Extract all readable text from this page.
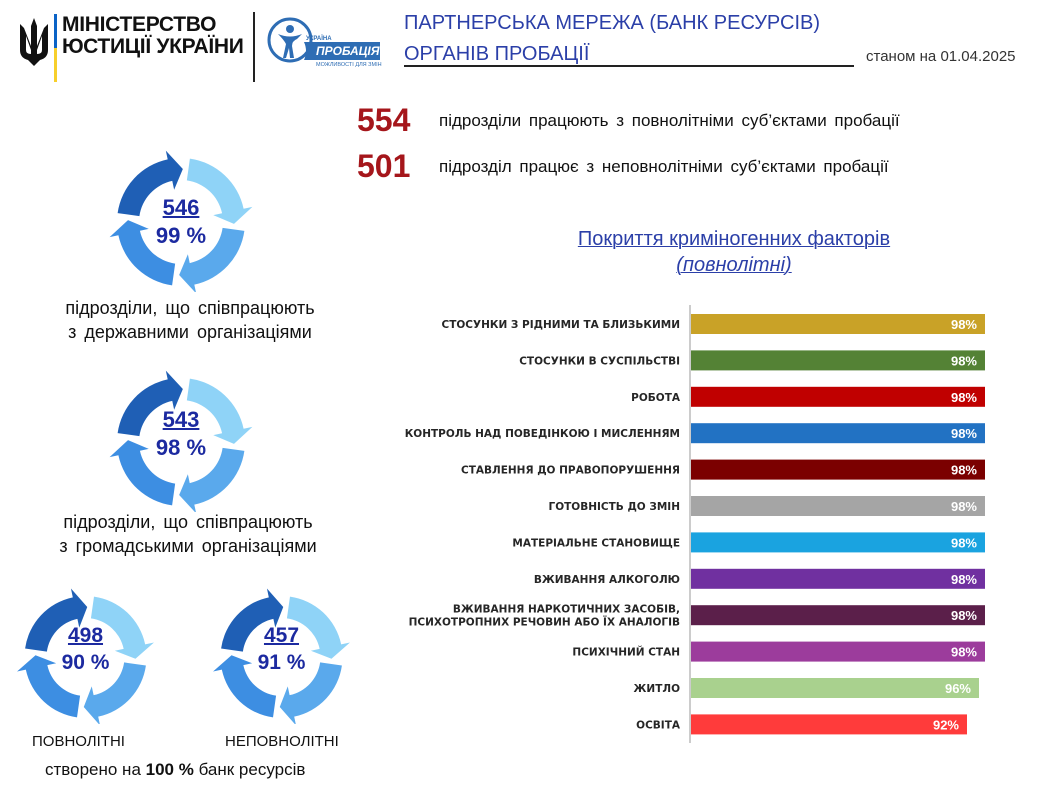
МІНІСТЕРСТВО
ЮСТИЦІЇ УКРАЇНИ	УКРАЇНА
ПРОБАЦІЯ
МОЖЛИВОСТІ ДЛЯ ЗМІН
ПАРТНЕРСЬКА МЕРЕЖА (БАНК РЕСУРСІВ)
ОРГАНІВ ПРОБАЦІЇ	станом на 01.04.2025
554	підрозділи працюють з повнолітніми суб’єктами пробації
501	підрозділ працює з неповнолітніми суб’єктами пробації
546
99 %
підрозділи, що співпрацюють
з державними організаціями
543
98 %
підрозділи, що співпрацюють
з громадськими організаціями
498
90 %
ПОВНОЛІТНІ
457
91 %
НЕПОВНОЛІТНІ
створено на 100 % банк ресурсів
Покриття криміногенних факторів
(повнолітні)
СТОСУНКИ З РІДНИМИ ТА БЛИЗЬКИМИ	98%
СТОСУНКИ В СУСПІЛЬСТВІ	98%
РОБОТА	98%
КОНТРОЛЬ НАД ПОВЕДІНКОЮ І МИСЛЕННЯМ	98%
СТАВЛЕННЯ ДО ПРАВОПОРУШЕННЯ	98%
ГОТОВНІСТЬ ДО ЗМІН	98%
МАТЕРІАЛЬНЕ СТАНОВИЩЕ	98%
ВЖИВАННЯ АЛКОГОЛЮ	98%
ВЖИВАННЯ НАРКОТИЧНИХ ЗАСОБІВ,
ПСИХОТРОПНИХ РЕЧОВИН АБО ЇХ АНАЛОГІВ	98%
ПСИХІЧНИЙ СТАН	98%
ЖИТЛО	96%
ОСВІТА	92%
